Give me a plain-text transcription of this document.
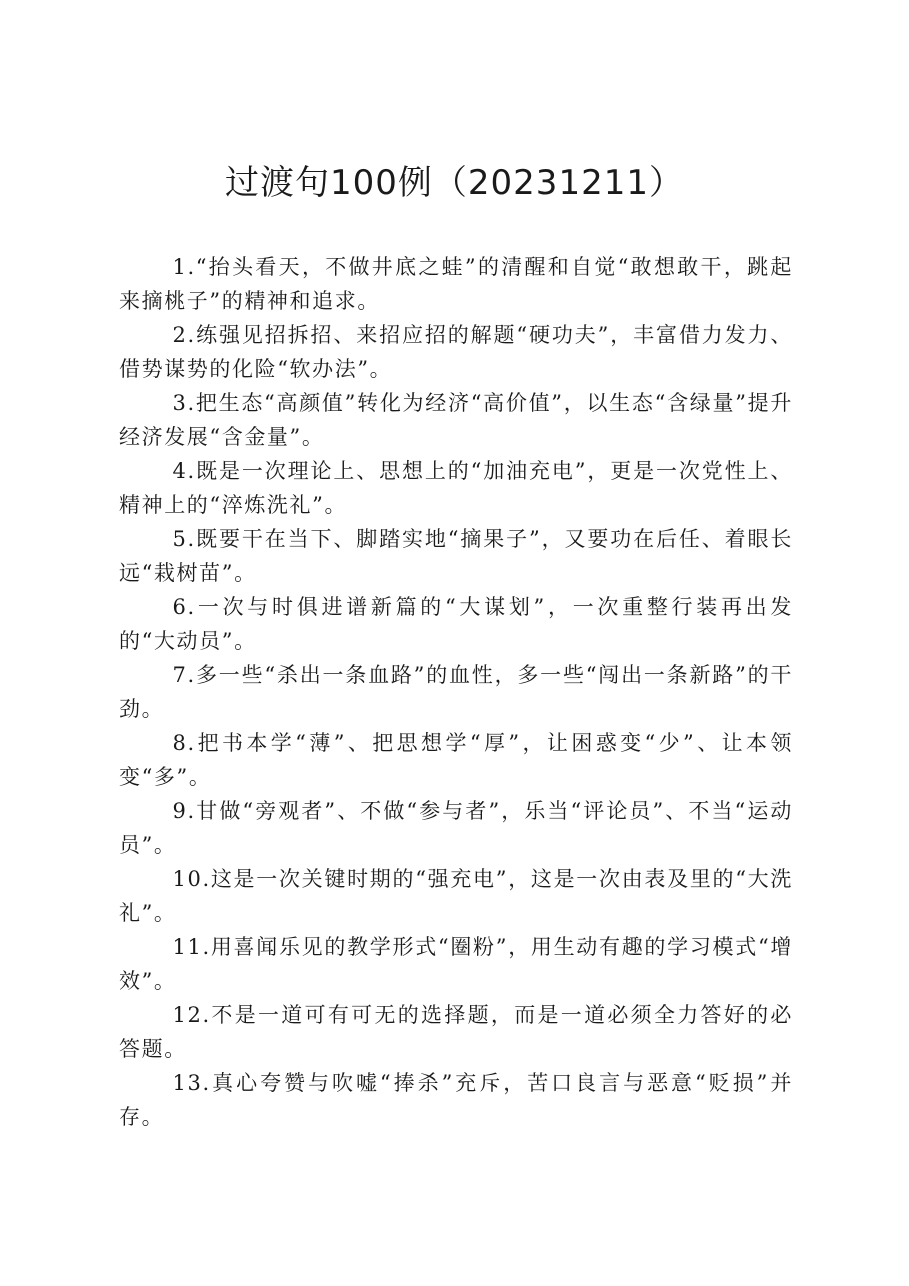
过渡句100例（20231211）

1.“抬头看天，不做井底之蛙”的清醒和自觉“敢想敢干，跳起来摘桃子”的精神和追求。

2.练强见招拆招、来招应招的解题“硬功夫”，丰富借力发力、借势谋势的化险“软办法”。

3.把生态“高颜值”转化为经济“高价值”，以生态“含绿量”提升经济发展“含金量”。

4.既是一次理论上、思想上的“加油充电”，更是一次党性上、精神上的“淬炼洗礼”。

5.既要干在当下、脚踏实地“摘果子”，又要功在后任、着眼长远“栽树苗”。

6.一次与时俱进谱新篇的“大谋划”，一次重整行装再出发的“大动员”。

7.多一些“杀出一条血路”的血性，多一些“闯出一条新路”的干劲。

8.把书本学“薄”、把思想学“厚”，让困惑变“少”、让本领变“多”。

9.甘做“旁观者”、不做“参与者”，乐当“评论员”、不当“运动员”。

10.这是一次关键时期的“强充电”，这是一次由表及里的“大洗礼”。

11.用喜闻乐见的教学形式“圈粉”，用生动有趣的学习模式“增效”。

12.不是一道可有可无的选择题，而是一道必须全力答好的必答题。

13.真心夸赞与吹嘘“捧杀”充斥，苦口良言与恶意“贬损”并存。
